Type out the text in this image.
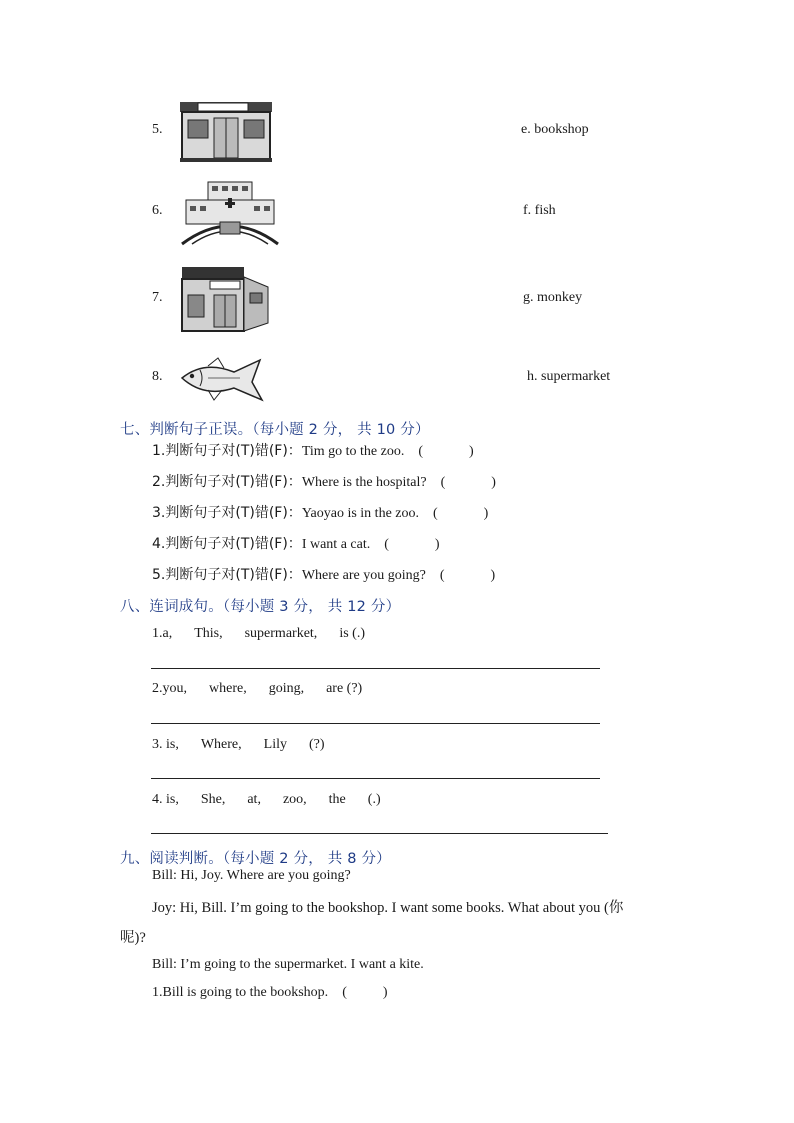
5.	e. bookshop
6.	f. fish
7.	g. monkey
8.	h. supermarket
七、判断句子正误。（每小题 2 分， 共 10 分）
1.判断句子对(T)错(F)：Tim go to the zoo. (	)
2.判断句子对(T)错(F)：Where is the hospital? (	)
3.判断句子对(T)错(F)：Yaoyao is in the zoo. (	)
4.判断句子对(T)错(F)：I want a cat. (	)
5.判断句子对(T)错(F)：Where are you going? (	)
八、连词成句。（每小题 3 分， 共 12 分）
1.a, This, supermarket, is (.)
2.you, where, going, are (?)
3. is, Where, Lily (?)
4. is, She, at, zoo, the (.)
九、阅读判断。（每小题 2 分， 共 8 分）
Bill: Hi, Joy. Where are you going?
Joy: Hi, Bill. I’m going to the bookshop. I want some books. What about you (你
呢)?
Bill: I’m going to the supermarket. I want a kite.
1.Bill is going to the bookshop. (	)
